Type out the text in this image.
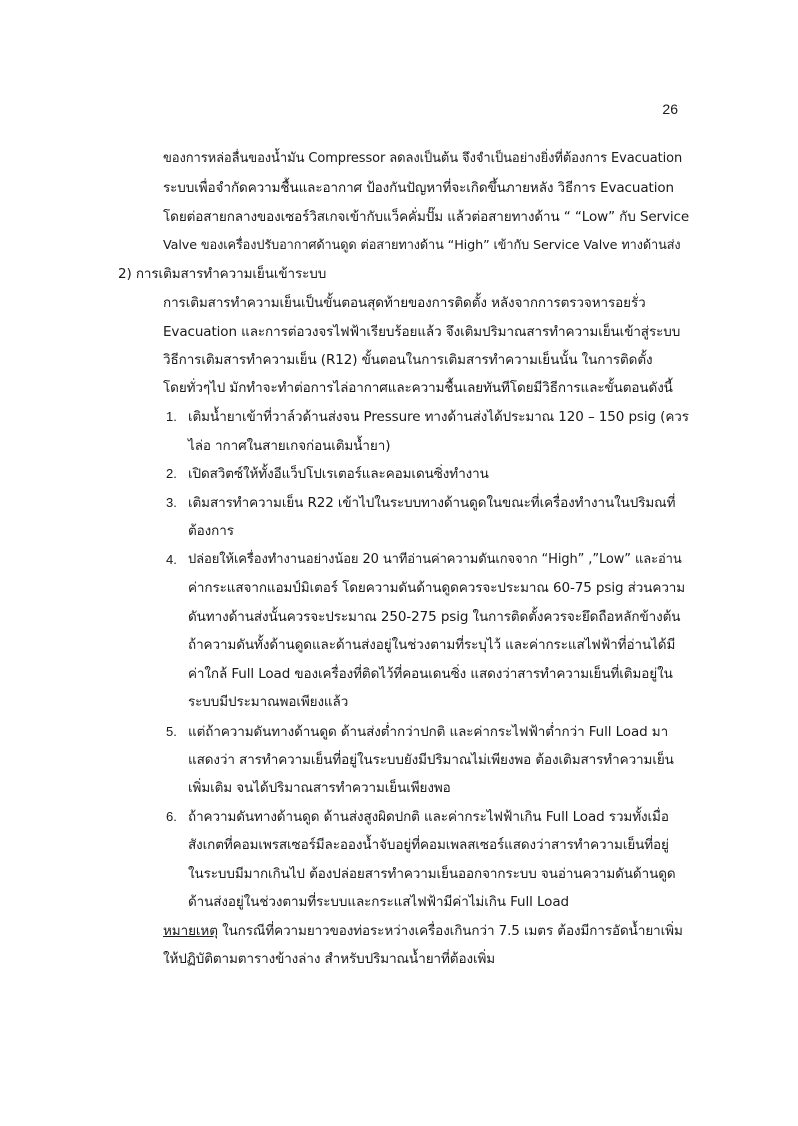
26
ของการหล่อลื่นของน้ำมัน Compressor ลดลงเป็นต้น จึงจำเป็นอย่างยิ่งที่ต้องการ Evacuation
ระบบเพื่อจำกัดความชื้นและอากาศ ป้องกันปัญหาที่จะเกิดขึ้นภายหลัง วิธีการ Evacuation
โดยต่อสายกลางของเซอร์วิสเกจเข้ากับแว็คคั่มปั๊ม แล้วต่อสายทางด้าน “ “Low” กับ Service
Valve ของเครื่องปรับอากาศด้านดูด ต่อสายทางด้าน “High” เข้ากับ Service Valve ทางด้านส่ง
2) การเติมสารทำความเย็นเข้าระบบ
การเติมสารทำความเย็นเป็นขั้นตอนสุดท้ายของการติดตั้ง หลังจากการตรวจหารอยรั่ว
Evacuation และการต่อวงจรไฟฟ้าเรียบร้อยแล้ว จึงเติมปริมาณสารทำความเย็นเข้าสู่ระบบ
วิธีการเติมสารทำความเย็น (R12) ขั้นตอนในการเติมสารทำความเย็นนั้น ในการติดตั้ง
โดยทั่วๆไป มักทำจะทำต่อการไล่อากาศและความชื้นเลยทันทีโดยมีวิธีการและขั้นตอนดังนี้
1. เติมน้ำยาเข้าที่วาล์วด้านส่งจน Pressure ทางด้านส่งได้ประมาณ 120 – 150 psig (ควร
ไล่อ ากาศในสายเกจก่อนเติมน้ำยา)
2. เปิดสวิตซ์ให้ทั้งอีแว็ปโปเรเตอร์และคอมเดนซิ่งทำงาน
3. เติมสารทำความเย็น R22 เข้าไปในระบบทางด้านดูดในขณะที่เครื่องทำงานในปริมณที่
ต้องการ
4. ปล่อยให้เครื่องทำงานอย่างน้อย 20 นาทีอ่านค่าความดันเกจจาก “High” ,”Low” และอ่าน
ค่ากระแสจากแอมป์มิเตอร์ โดยความดันด้านดูดควรจะประมาณ 60-75 psig ส่วนความ
ดันทางด้านส่งนั้นควรจะประมาณ 250-275 psig ในการติดตั้งควรจะยึดถือหลักข้างต้น
ถ้าความดันทั้งด้านดูดและด้านส่งอยู่ในช่วงตามที่ระบุไว้ และค่ากระแสไฟฟ้าที่อ่านได้มี
ค่าใกล้ Full Load ของเครื่องที่ติดไว้ที่คอนเดนซิ่ง แสดงว่าสารทำความเย็นที่เติมอยู่ใน
ระบบมีประมาณพอเพียงแล้ว
5. แต่ถ้าความดันทางด้านดูด ด้านส่งต่ำกว่าปกติ และค่ากระไฟฟ้าต่ำกว่า Full Load มา
แสดงว่า สารทำความเย็นที่อยู่ในระบบยังมีปริมาณไม่เพียงพอ ต้องเติมสารทำความเย็น
เพิ่มเติม จนได้ปริมาณสารทำความเย็นเพียงพอ
6. ถ้าความดันทางด้านดูด ด้านส่งสูงผิดปกติ และค่ากระไฟฟ้าเกิน Full Load รวมทั้งเมื่อ
สังเกตที่คอมเพรสเซอร์มีละอองน้ำจับอยู่ที่คอมเพลสเซอร์แสดงว่าสารทำความเย็นที่อยู่
ในระบบมีมากเกินไป ต้องปล่อยสารทำความเย็นออกจากระบบ จนอ่านความดันด้านดูด
ด้านส่งอยู่ในช่วงตามที่ระบบและกระแสไฟฟ้ามีค่าไม่เกิน Full Load
หมายเหตุ ในกรณีที่ความยาวของท่อระหว่างเครื่องเกินกว่า 7.5 เมตร ต้องมีการอัดน้ำยาเพิ่ม
ให้ปฏิบัติตามตารางข้างล่าง สำหรับปริมาณน้ำยาที่ต้องเพิ่ม
